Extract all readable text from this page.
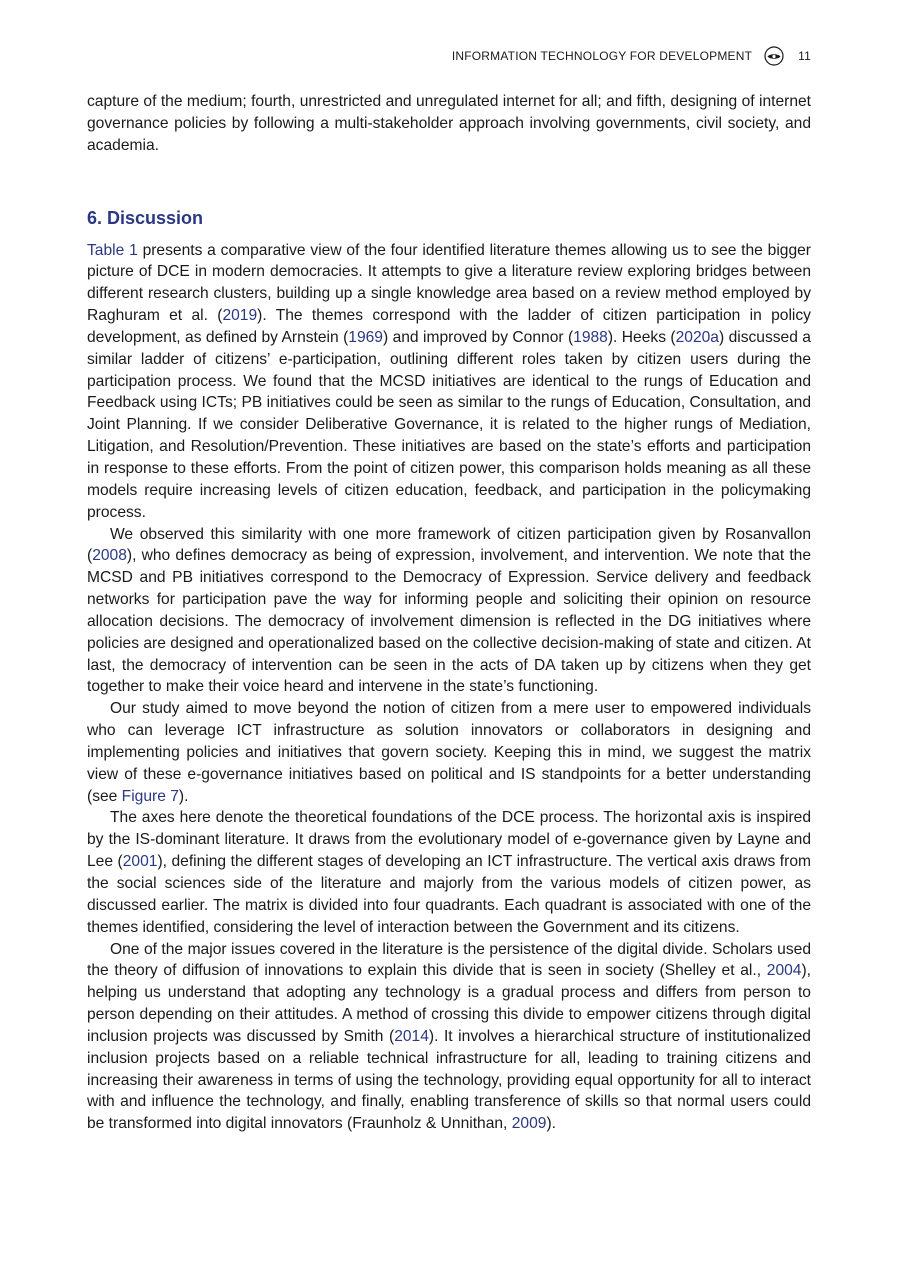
INFORMATION TECHNOLOGY FOR DEVELOPMENT	11

capture of the medium; fourth, unrestricted and unregulated internet for all; and fifth, designing of internet governance policies by following a multi-stakeholder approach involving governments, civil society, and academia.

6. Discussion

Table 1 presents a comparative view of the four identified literature themes allowing us to see the bigger picture of DCE in modern democracies. It attempts to give a literature review exploring bridges between different research clusters, building up a single knowledge area based on a review method employed by Raghuram et al. (2019). The themes correspond with the ladder of citizen participation in policy development, as defined by Arnstein (1969) and improved by Connor (1988). Heeks (2020a) discussed a similar ladder of citizens’ e-participation, outlining different roles taken by citizen users during the participation process. We found that the MCSD initiatives are identical to the rungs of Education and Feedback using ICTs; PB initiatives could be seen as similar to the rungs of Education, Consultation, and Joint Planning. If we consider Deliberative Governance, it is related to the higher rungs of Mediation, Litigation, and Resolution/Prevention. These initiatives are based on the state’s efforts and participation in response to these efforts. From the point of citizen power, this comparison holds meaning as all these models require increasing levels of citizen education, feedback, and participation in the policymaking process.

We observed this similarity with one more framework of citizen participation given by Rosanvallon (2008), who defines democracy as being of expression, involvement, and intervention. We note that the MCSD and PB initiatives correspond to the Democracy of Expression. Service delivery and feedback networks for participation pave the way for informing people and soliciting their opinion on resource allocation decisions. The democracy of involvement dimension is reflected in the DG initiatives where policies are designed and operationalized based on the collective decision-making of state and citizen. At last, the democracy of intervention can be seen in the acts of DA taken up by citizens when they get together to make their voice heard and intervene in the state’s functioning.

Our study aimed to move beyond the notion of citizen from a mere user to empowered individuals who can leverage ICT infrastructure as solution innovators or collaborators in designing and implementing policies and initiatives that govern society. Keeping this in mind, we suggest the matrix view of these e-governance initiatives based on political and IS standpoints for a better understanding (see Figure 7).

The axes here denote the theoretical foundations of the DCE process. The horizontal axis is inspired by the IS-dominant literature. It draws from the evolutionary model of e-governance given by Layne and Lee (2001), defining the different stages of developing an ICT infrastructure. The vertical axis draws from the social sciences side of the literature and majorly from the various models of citizen power, as discussed earlier. The matrix is divided into four quadrants. Each quadrant is associated with one of the themes identified, considering the level of interaction between the Government and its citizens.

One of the major issues covered in the literature is the persistence of the digital divide. Scholars used the theory of diffusion of innovations to explain this divide that is seen in society (Shelley et al., 2004), helping us understand that adopting any technology is a gradual process and differs from person to person depending on their attitudes. A method of crossing this divide to empower citizens through digital inclusion projects was discussed by Smith (2014). It involves a hierarchical structure of institutionalized inclusion projects based on a reliable technical infrastructure for all, leading to training citizens and increasing their awareness in terms of using the technology, providing equal opportunity for all to interact with and influence the technology, and finally, enabling transference of skills so that normal users could be transformed into digital innovators (Fraunholz & Unnithan, 2009).
